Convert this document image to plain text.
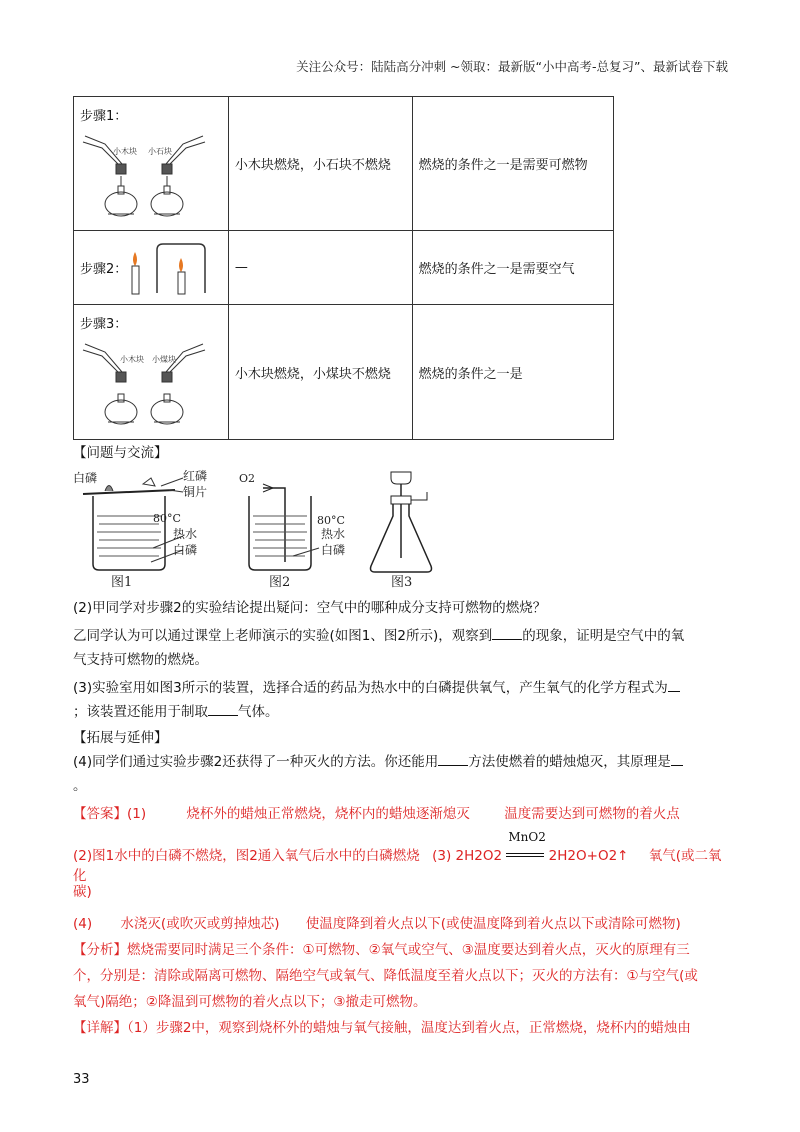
关注公众号：陆陆高分冲刺 ~领取：最新版“小中高考-总复习”、最新试卷下载
步骤1：
小木块 小石块	小木块燃烧，小石块不燃烧	燃烧的条件之一是需要可燃物

步骤2：	—	燃烧的条件之一是需要空气

步骤3：
小木块 小煤块	小木块燃烧，小煤块不燃烧	燃烧的条件之一是
【问题与交流】
白磷	红磷
铜片
80°C
热水
白磷
图1
O2
80°C
热水
白磷
图2	图3
(2)甲同学对步骤2的实验结论提出疑问：空气中的哪种成分支持可燃物的燃烧？
乙同学认为可以通过课堂上老师演示的实验(如图1、图2所示)，观察到 的现象，证明是空气中的氧
气支持可燃物的燃烧。
(3)实验室用如图3所示的装置，选择合适的药品为热水中的白磷提供氧气，产生氧气的化学方程式为
；该装置还能用于制取 气体。
【拓展与延伸】
(4)同学们通过实验步骤2还获得了一种灭火的方法。你还能用 方法使燃着的蜡烛熄灭，其原理是
。
【答案】(1)	烧杯外的蜡烛正常燃烧，烧杯内的蜡烛逐渐熄灭	温度需要达到可燃物的着火点
(2)图1水中的白磷不燃烧，图2通入氧气后水中的白磷燃烧 (3) 2H2O2
MnO2
2H2O+O2↑ 氧气(或二氧化
碳)
(4) 水浇灭(或吹灭或剪掉烛芯) 使温度降到着火点以下(或使温度降到着火点以下或清除可燃物)
【分析】燃烧需要同时满足三个条件：①可燃物、②氧气或空气、③温度要达到着火点，灭火的原理有三
个，分别是：清除或隔离可燃物、隔绝空气或氧气、降低温度至着火点以下；灭火的方法有：①与空气(或
氧气)隔绝；②降温到可燃物的着火点以下；③撤走可燃物。
【详解】（1）步骤2中，观察到烧杯外的蜡烛与氧气接触，温度达到着火点，正常燃烧，烧杯内的蜡烛由
33
